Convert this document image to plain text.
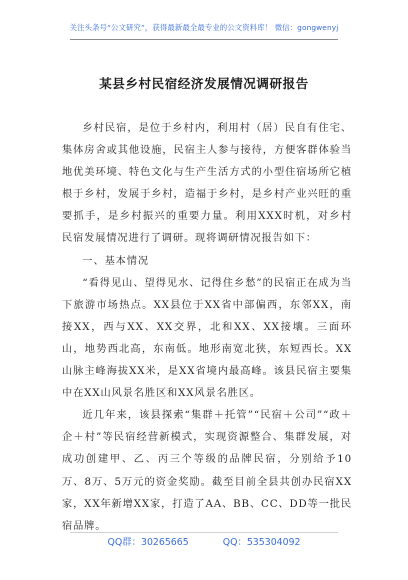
关注头条号“公文研究”，获得最新最全最专业的公文资料库！ 微信：gongwenyj
某县乡村民宿经济发展情况调研报告

乡村民宿，是位于乡村内，利用村（居）民自有住宅、集体房舍或其他设施，民宿主人参与接待，方便客群体验当地优美环境、特色文化与生产生活方式的小型住宿场所它植根于乡村，发展于乡村，造福于乡村，是乡村产业兴旺的重要抓手，是乡村振兴的重要力量。利用XXX时机，对乡村民宿发展情况进行了调研。现将调研情况报告如下：

一、基本情况

“看得见山、望得见水、记得住乡愁”的民宿正在成为当下旅游市场热点。XX县位于XX省中部偏西，东邻XX，南接XX，西与XX、XX交界，北和XX、XX接壤。三面环山，地势西北高，东南低。地形南宽北狭，东短西长。XX山脉主峰海拔XX米，是XX省境内最高峰。该县民宿主要集中在XX山风景名胜区和XX风景名胜区。

近几年来，该县探索“集群＋托管”“民宿＋公司”“政＋企＋村”等民宿经营新模式，实现资源整合、集群发展，对成功创建甲、乙、丙三个等级的品牌民宿，分别给予10万、8万、5万元的资金奖励。截至目前全县共创办民宿XX家，XX年新增XX家，打造了AA、BB、CC、DD等一批民宿品牌。

QQ群：30265665	QQ：535304092
